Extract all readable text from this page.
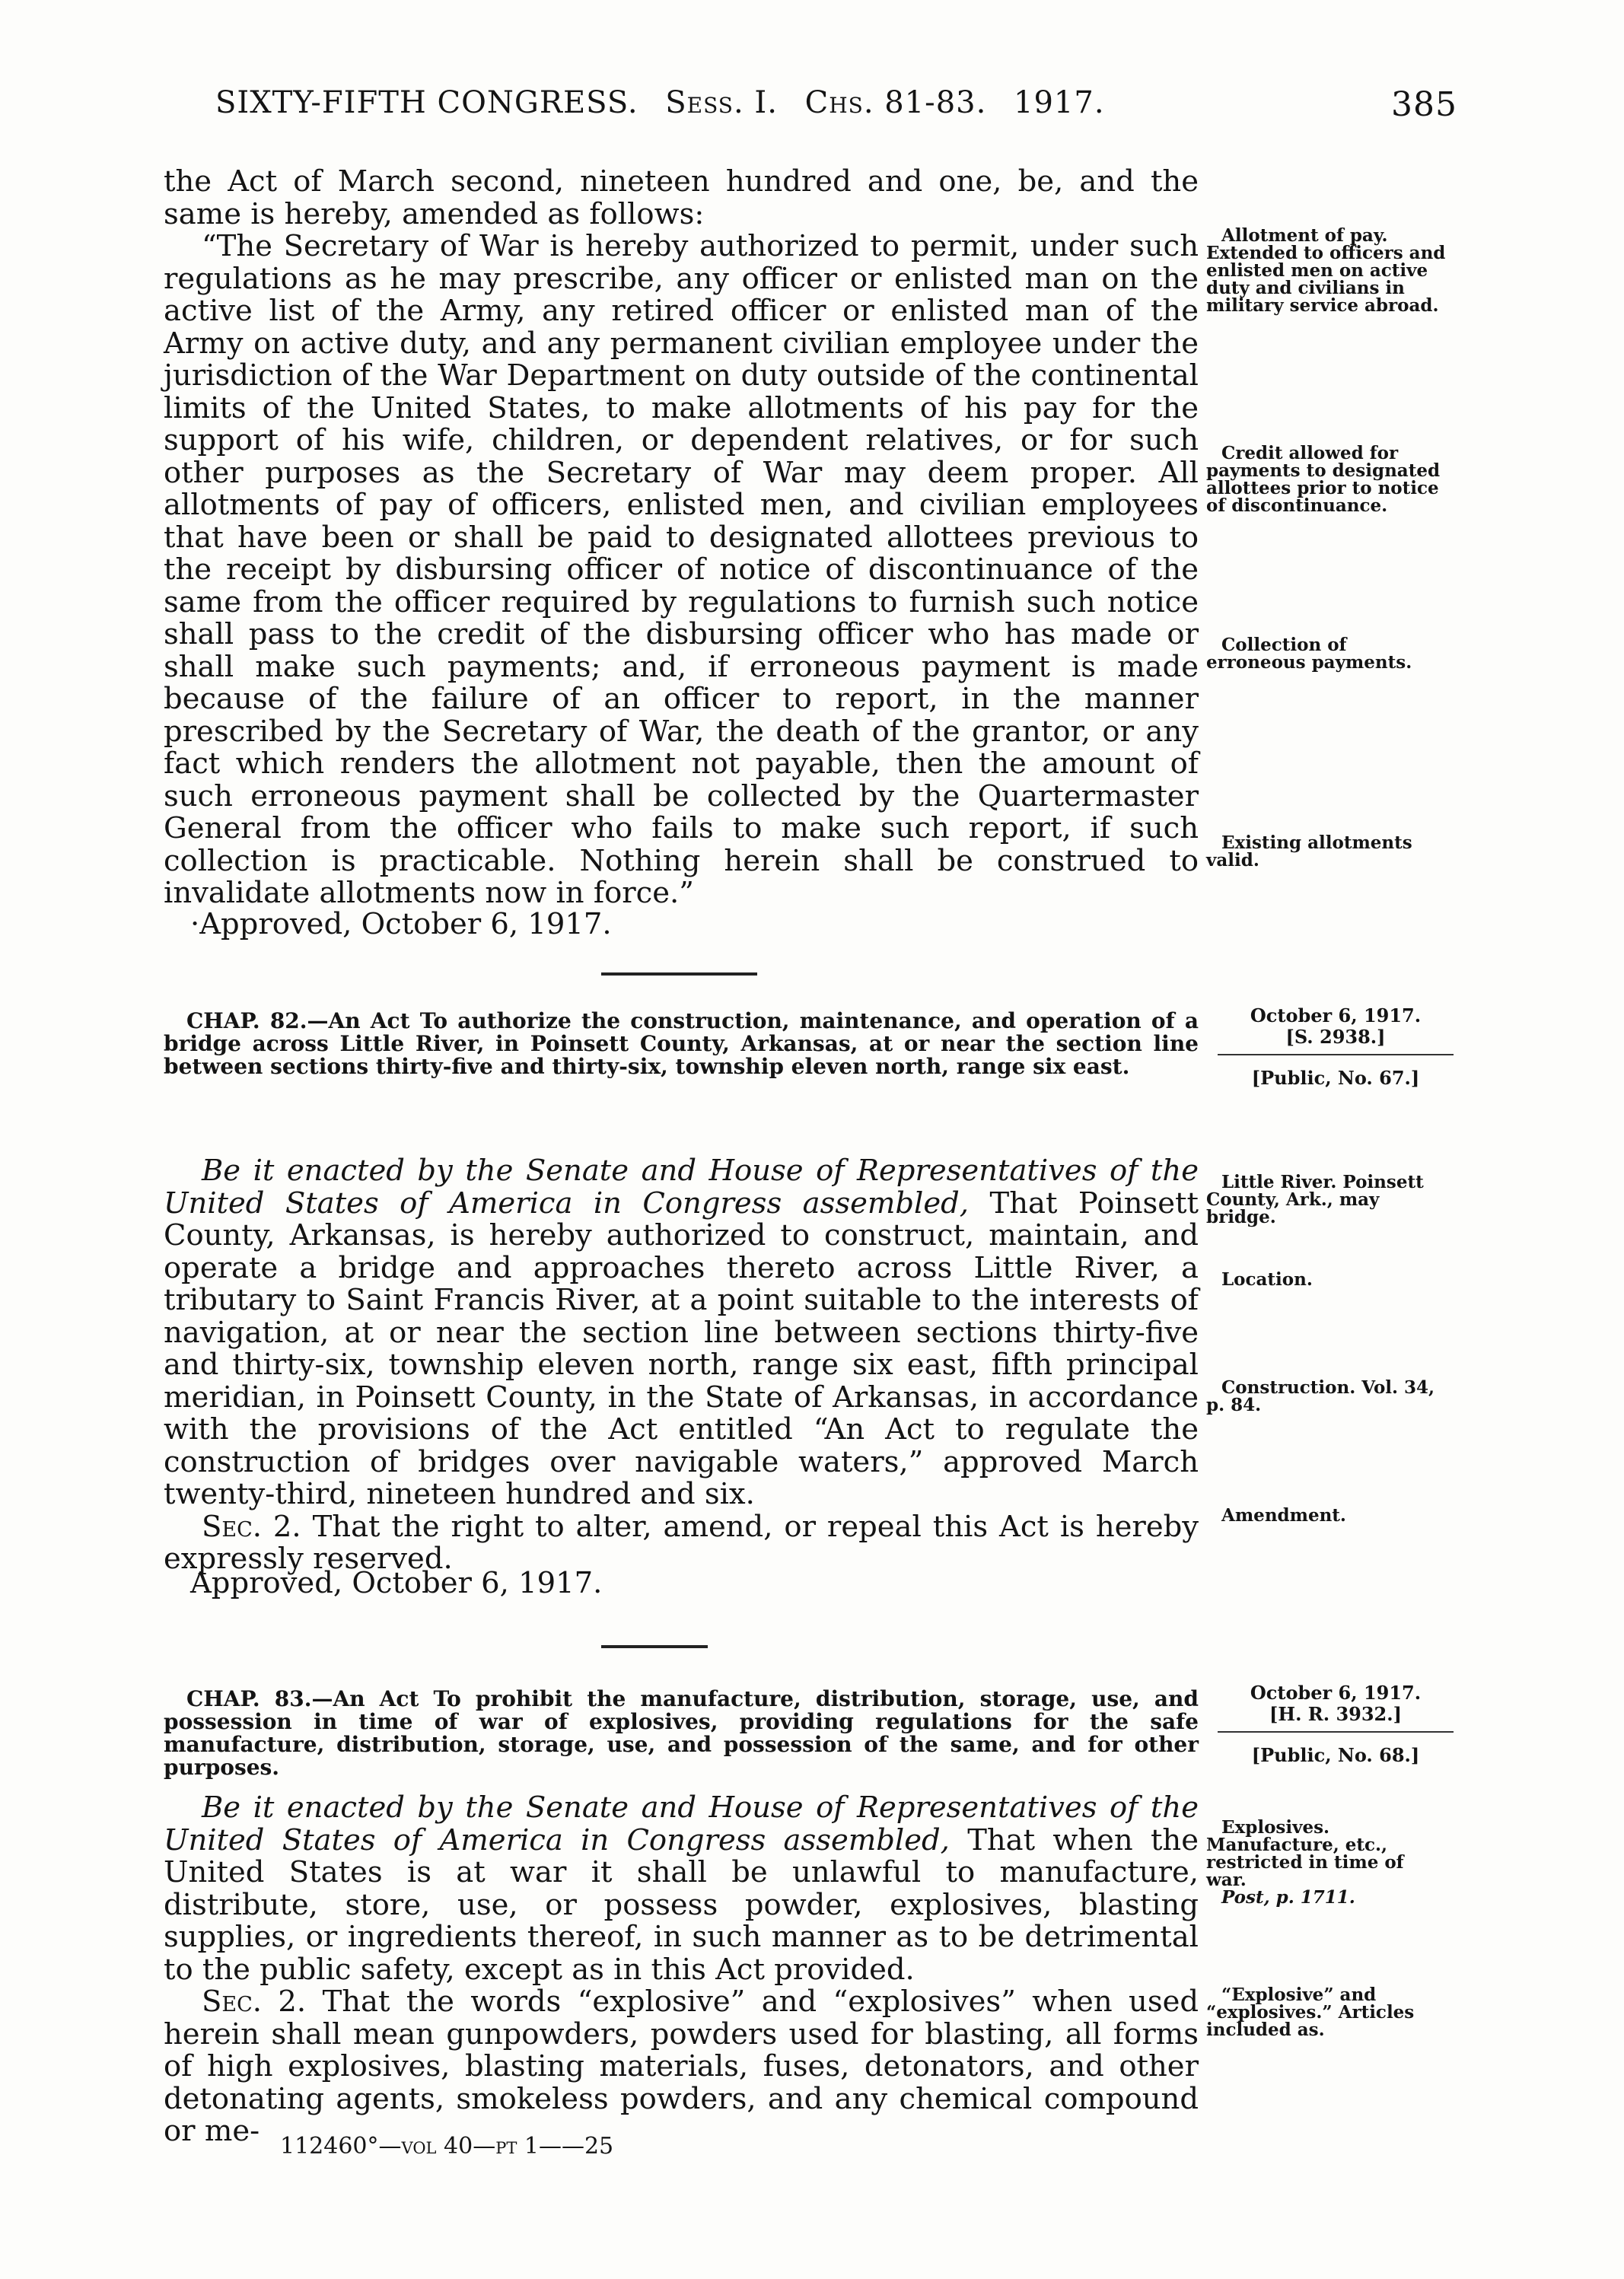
SIXTY-FIFTH CONGRESS. Sess. I. Chs. 81-83. 1917.	385

the Act of March second, nineteen hundred and one, be, and the same is hereby, amended as follows:

“The Secretary of War is hereby authorized to permit, under such regulations as he may prescribe, any officer or enlisted man on the active list of the Army, any retired officer or enlisted man of the Army on active duty, and any permanent civilian employee under the jurisdiction of the War Department on duty outside of the continental limits of the United States, to make allotments of his pay for the support of his wife, children, or dependent relatives, or for such other purposes as the Secretary of War may deem proper. All allotments of pay of officers, enlisted men, and civilian employees that have been or shall be paid to designated allottees previous to the receipt by disbursing officer of notice of discontinuance of the same from the officer required by regulations to furnish such notice shall pass to the credit of the disbursing officer who has made or shall make such payments; and, if erroneous payment is made because of the failure of an officer to report, in the manner prescribed by the Secretary of War, the death of the grantor, or any fact which renders the allotment not payable, then the amount of such erroneous payment shall be collected by the Quartermaster General from the officer who fails to make such report, if such collection is practicable. Nothing herein shall be construed to invalidate allotments now in force.”

·Approved, October 6, 1917.

Allotment of pay. Extended to officers and enlisted men on active duty and civilians in military service abroad.

Credit allowed for payments to designated allottees prior to notice of discontinuance.

Collection of erroneous payments.

Existing allotments valid.

CHAP. 82.—An Act To authorize the construction, maintenance, and operation of a bridge across Little River, in Poinsett County, Arkansas, at or near the section line between sections thirty-five and thirty-six, township eleven north, range six east.
October 6, 1917.
[S. 2938.]
[Public, No. 67.]

Be it enacted by the Senate and House of Representatives of the United States of America in Congress assembled, That Poinsett County, Arkansas, is hereby authorized to construct, maintain, and operate a bridge and approaches thereto across Little River, a tributary to Saint Francis River, at a point suitable to the interests of navigation, at or near the section line between sections thirty-five and thirty-six, township eleven north, range six east, fifth principal meridian, in Poinsett County, in the State of Arkansas, in accordance with the provisions of the Act entitled “An Act to regulate the construction of bridges over navigable waters,” approved March twenty-third, nineteen hundred and six.

Sec. 2. That the right to alter, amend, or repeal this Act is hereby expressly reserved.

Approved, October 6, 1917.

Little River. Poinsett County, Ark., may bridge.

Location.

Construction. Vol. 34, p. 84.

Amendment.

CHAP. 83.—An Act To prohibit the manufacture, distribution, storage, use, and possession in time of war of explosives, providing regulations for the safe manufacture, distribution, storage, use, and possession of the same, and for other purposes.
October 6, 1917.
[H. R. 3932.]
[Public, No. 68.]

Be it enacted by the Senate and House of Representatives of the United States of America in Congress assembled, That when the United States is at war it shall be unlawful to manufacture, distribute, store, use, or possess powder, explosives, blasting supplies, or ingredients thereof, in such manner as to be detrimental to the public safety, except as in this Act provided.

Sec. 2. That the words “explosive” and “explosives” when used herein shall mean gunpowders, powders used for blasting, all forms of high explosives, blasting materials, fuses, detonators, and other detonating agents, smokeless powders, and any chemical compound or me-

Explosives. Manufacture, etc., restricted in time of war.

Post, p. 1711.

“Explosive” and “explosives.” Articles included as.

112460°—vol 40—pt 1——25
